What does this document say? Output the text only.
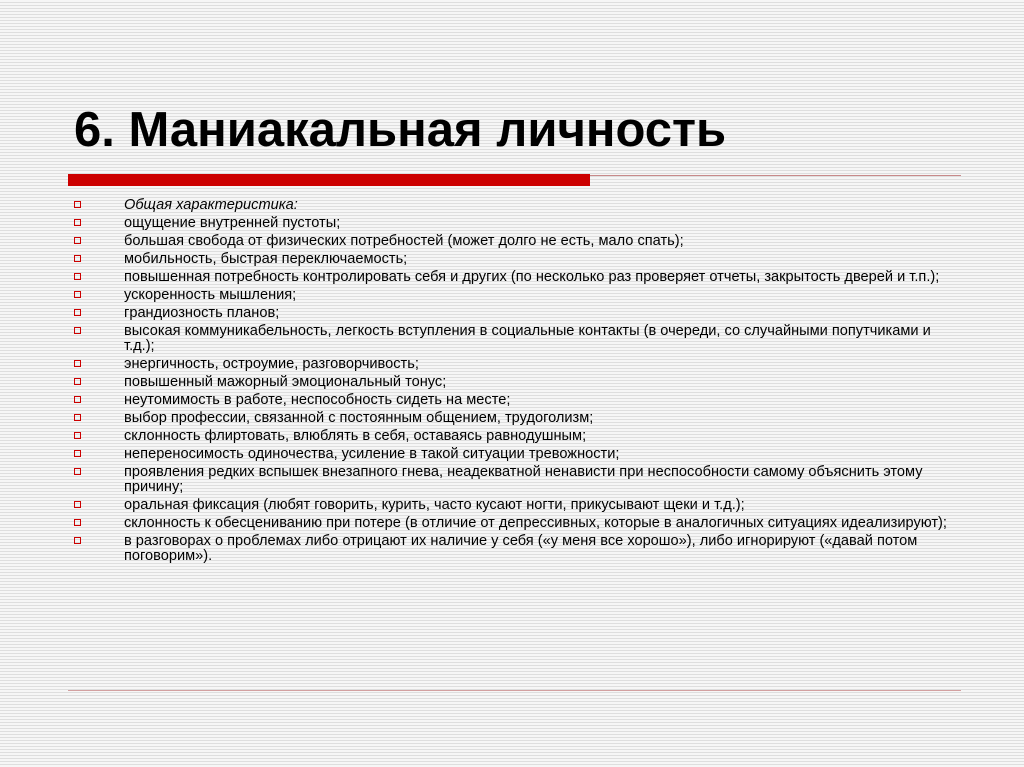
6. Маниакальная личность
Общая характеристика:
ощущение внутренней пустоты;
большая свобода от физических потребностей (может долго не есть, мало спать);
мобильность, быстрая переключаемость;
повышенная потребность контролировать себя и других (по несколько раз проверяет отчеты, закрытость дверей и т.п.);
ускоренность мышления;
грандиозность планов;
высокая коммуникабельность, легкость вступления в социальные контакты (в очереди, со случайными попутчиками и т.д.);
энергичность, остроумие, разговорчивость;
повышенный мажорный эмоциональный тонус;
неутомимость в работе, неспособность сидеть на месте;
выбор профессии, связанной с постоянным общением, трудоголизм;
склонность флиртовать, влюблять в себя, оставаясь равнодушным;
непереносимость одиночества, усиление в такой ситуации тревожности;
проявления редких вспышек внезапного гнева, неадекватной ненависти при неспособности самому объяснить этому причину;
оральная фиксация (любят говорить, курить, часто кусают ногти, прикусывают щеки и т.д.);
склонность к обесцениванию при потере (в отличие от депрессивных, которые в аналогичных ситуациях идеализируют);
в разговорах о проблемах либо отрицают их наличие у себя («у меня все хорошо»), либо игнорируют («давай потом поговорим»).
